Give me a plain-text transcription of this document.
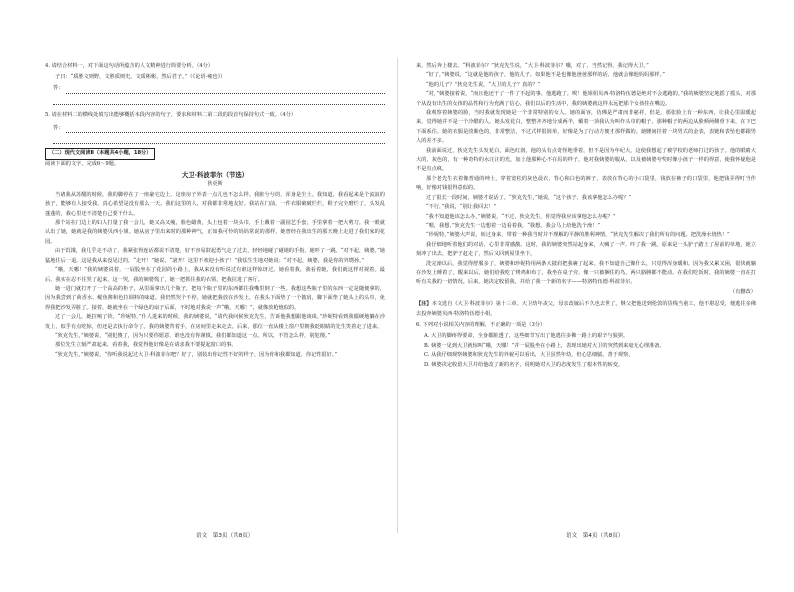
4. 请结合材料一，对下面这句话所蕴含的人文精神进行简要分析。（4分）

子曰：“质胜文则野，文胜质则史。文质彬彬，然后君子。”（《论语·雍也》）

答：

5. 请在材料二的横线处填写出能够概括本段内容的句子，要求和材料二第二段的段首句保持句式一致。（4分）

答：
（二）现代文阅读Ⅱ（本题共4小题，18分）

阅读下面的文字，完成6～9题。

大卫·科波菲尔（节选）
狄更斯

当诸我从苏醒的时候，我的脚停在了一座豪宅边上，这座房子外表一点儿也不怎么样。我脏兮兮的，浑身是尘土。我知道，我看起来是个流浪的孩子，能够有人接受我，真心希望是没有那么一天。我们这里的人，对我都非常地友好。我站在门前，一件衣服破破烂烂，鞋子完全磨烂了，头发乱蓬蓬的，我心里还不清楚自己要干什么。

那个站在门边上的妇人打量了我一会儿，她又高又瘦，脸色蜡黄，头上包着一块头巾，手上戴着一副园艺手套，手里拿着一把大剪刀。我一眼就认出了她，她就是我的姨婆贝西小姐。她从房子里出来时的那种神气，正如我可怜的妈妈常说的那样，她曾经在我出生的那天晚上走进了我们家的花园。

由于饥饿，我几乎走不动了，我紧张得连话都说不清楚，好不容易鼓起勇气走了过去，轻轻地碰了碰她的手指，她吓了一跳。“对不起，姨婆。”她猛地往后一退，这是我从来没见过的，“走开！”她说，“滚开！这里不欢迎小孩子！”我怯生生地对她说：“对不起，姨婆，我是你的外甥孙。”

“哦，天哪！”我的姨婆说着，一屁股坐在了花园的小路上，我从来没有听说过有谁这样惊讶过。她看着我，我看着她，我们就这样对视着。最后，我实在忍不住哭了起来，这一哭，我的姨婆慌了，她一把抓住我的衣领，把我拉进了客厅。

她一进门就打开了一个高高的柜子，从里面拿出几个瓶子，把每个瓶子里的东西都往我嘴里倒了一些。我想这些瓶子里的东西一定是随便拿的，因为我尝到了茴香水、鳀鱼酱和色拉调料的味道。我仍然哭个不停，她就把我放在沙发上，在我头下面垫了一个披肩，脚下面垫了她头上的头巾，免得我把沙发弄脏了。接着，她就坐在一个绿色的扇子后面，不时地对我说一声“哦，天哪！”，就像放枪炮似的。

过了一会儿，她拉响了铃。“珍妮特，”仆人进来的时候，我的姨婆说，“请代我问候狄克先生，告诉他我想跟他谈谈。”珍妮特看到我僵硬地躺在沙发上，似乎有点吃惊，但还是去执行命令了。我的姨婆背着手，在房间里走来走去。后来，那位一直从楼上窗户里朝我眨眼睛的先生笑着走了进来。

“狄克先生，”姨婆说，“别犯傻了，因为只要你愿意，谁也没有你谨慎。我们都知道这一点。所以，不管怎么样，别犯傻。”

那位先生立刻严肃起来，看着我，我觉得他好像是在请求我不要提起窗口的事。

“狄克先生，”姨婆说，“你听我说起过大卫·科波菲尔吧？好了，别装出你记性不好的样子，因为你和我都知道，你记性很好。”

来，然后奔上楼去。“科波菲尔？”狄克先生说，“大卫·科波菲尔？哦，对了，当然记得。我记得大卫。”

“好了，”姨婆说，“这就是他的孩子，他的儿子。如果他不是也像他爸爸那样的话，他就会像他妈妈那样。”

“他的儿子？”狄克先生说，“大卫的儿子？真的？”

“对，”姨婆接着说，“而且他还干了一件了不起的事。他逃跑了。唉！他姐姐贝西·特洛特伍德是绝对不会逃跑的。”我的姨婆坚定地摇了摇头，对那个从没有出生的女孩的品性和行为充满了信心。我们以后的生活中，我的姨婆就这样永远把那个女孩挂在嘴边。

我观察着姨婆的脸，当时我就发现她是一个非常特别的女人。她的面容，仿佛是严肃而非慈祥，但是，那张脸上有一种东西，让我心里温暖起来，觉得她并不是一个冷酷的人。她头发花白，整整齐齐地分成两半，戴着一顶我认为叫作头巾的帽子，那种帽子的两边从脸颊两侧垂下来，在下巴下面系住。她的衣服是淡紫色的，非常整洁，不过式样很简单，好像是为了行动方便才那样做的。她腰间挂着一块男式的金表，表链和表坠也都跟男人的差不多。

我前面说过，狄克先生头发花白，面色红润。他的头有点奇怪地垂着，但不是因为年纪大，这使我想起了被学校的老师打过的孩子。他的眼睛大大的，灰色的，有一种奇特的水汪汪的光，加上他那种心不在焉的样子，他对我姨婆的服从，以及被姨婆夸奖时像小孩子一样的得意，使我怀疑他是不是有点疯。

那个老先生衣着像普通的绅士，穿着宽松的灰色晨衣、背心和白色的裤子，表放在背心的小口袋里，钱放在裤子的口袋里，他把钱弄得叮当作响，好像对钱很得意似的。

过了很长一段时间，姨婆才说话了。“狄克先生，”她说，“这个孩子，我该拿他怎么办呢？”

“不行，”我说，“别让我回去！”

“我不知道他该怎么办，”姨婆说，“不过，狄克先生，你觉得我应该拿他怎么办呢？”

“嗯，我想，”狄克先生一边想着一边看着我，“我想，我会马上给他洗个澡！”

“珍妮特，”姨婆大声说，转过身来，带着一种我当时并不理解的平静的胜利神情，“狄克先生解决了我们所有的问题。把洗澡水烧热！”

我仔细地听着他们的对话，心里非常感激。这时，我的姨婆突然站起身来，大喊了一声，吓了我一跳。原来是一头驴子踏上了屋前的草地，她立刻冲了出去，把驴子赶走了，然后又回到屋里坐下。

洗完澡以后，我觉得舒服多了，姨婆和珍妮特用两条大披肩把我裹了起来。我不知道自己像什么，只觉得浑身暖和。因为我又累又困，很快就躺在沙发上睡着了。醒来以后，她们给我吃了烤鸡和布丁，我坐在桌子旁，像一只被捆住的鸟，两只胳膊都不能动。在我们吃饭时，我的姨婆一直在打听有关我的一切情况。后来，她决定收留我，并给了我一个新的名字——特洛特伍德·科波菲尔。

（有删改）

【注】本文选自《大卫·科波菲尔》第十三章。大卫幼年丧父，母亲改嫁后不久也去世了。继父把他送到伦敦的货栈当童工，他不堪忍受，便逃往多佛去投奔姨婆贝西·特洛特伍德小姐。

6. 下列对小说相关内容的理解，不正确的一项是（3分）

A. 大卫的脚疼得要命，全身都脏透了，这些细节写出了他逃往多佛一路上的艰辛与狼狈。

B. 姨婆一见到大卫就惊叫“哦，天哪！”并一屁股坐在小路上，表现出她对大卫的突然到来毫无心理准备。

C. 从我仔细观察姨婆和狄克先生的外貌可以看出，大卫虽然年幼，但心思细腻，善于观察。

D. 姨婆决定收留大卫并给他改了新的名字，说明她对大卫的态度发生了根本性的转变。

语文　第3页（共8页）	语文　第4页（共8页）
